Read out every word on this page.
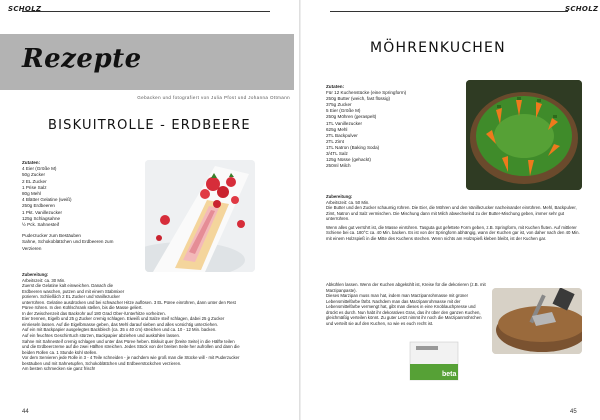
SCHOLZ	SCHOLZ
Rezepte
Gebacken und fotografiert von Julia Pfost und Johanna Ottmann
BISKUITROLLE - ERDBEERE
Zutaten:
4 Eier (Größe M)
50g Zucker
2 EL Zucker
1 Prise Salz
80g Mehl
4 Blätter Gelatine (weiß)
250g Erdbeeren
1 Pkt. Vanillezucker
125g Schlagsahne
½ Pck. Sahnesteif
Puderzucker zum Bestäuben
Sahne, Schokoblättchen und Erdbeeren zum
Verzieren
Zubereitung:
Arbeitszeit: ca. 30 Min.
Zuerst die Gelatine kalt einweichen. Danach die
Erdbeeren waschen, putzen und mit einem Stabmixer
pürieren. Schließlich 2 EL Zucker und Vanillezucker
unterrühren. Gelatine ausdrücken und bei schwacher Hitze auflösen. 3 EL Püree einrühren, dann unter den Rest
Püree rühren. In den Kühlschrank stellen, bis die Masse geliert.
In der Zwischenzeit das Backrohr auf 180 Grad Ober-/Unterhitze vorheizen.
Eier trennen, Eigelb und 25 g Zucker cremig schlagen. Eiweiß und Salze steif schlagen, dabei 25 g Zucker
einrieseln lassen. Auf die Eigelbmasse geben, das Mehl darauf sieben und alles vorsichtig unterziehen.
Auf ein mit Backpapier ausgelegtes Backblech (ca. 35 x 40 cm) streichen und ca. 10 - 12 Min. backen.
Auf ein feuchtes Geschirrtuch stürzen, Backpapier abziehen und auskühlen lassen.
Sahne mit Sahnesteif cremig schlagen und unter das Püree heben. Biskuit quer (breite Seite) in die Hälfte teilen
und die Erdbeercreme auf die zwei Hälften streichen. Jedes Stück von der breiten Seite her aufrollen und dann die
beiden Rollen ca. 1 Stunde kühl stellen.
Vor dem Servieren jede Rolle in 3 - 4 Teile schneiden - je nachdem wie groß man die Stücke will - mit Puderzucker
bestäuben und mit Sahnetupfen, Schokoblättchen und Erdbeerstückchen verzieren.
Am besten schmecken sie ganz frisch!
44
MÖHRENKUCHEN
Zutaten:
Für 12 Kuchenstücke (eine Springform)
250g Butter (weich, fast flüssig)
375g Zucker
5 Eier (Größe M)
250g Möhren (geraspelt)
1TL Vanillezucker
625g Mehl
2TL Backpulver
2TL Zimt
1TL Natron (Baking Soda)
3/4TL Salz
125g Nüsse (gehackt)
250ml Milch
Zubereitung:
Arbeitszeit: ca. 50 Min.

Die Butter und den Zucker schaumig rühren. Die Eier, die Möhren und den Vanillezucker nacheinander einrühren. Mehl, Backpulver, Zimt, Natron und Salz vermischen. Die Mischung dann mit Milch abwechselnd zu der Butter-Mischung geben, immer sehr gut unterrühren.

Wenn alles gut verrührt ist, die Masse einrühren. Tasguta gut gefettete Form geben, z.B. Springform, mit Kuchen fluten. Auf mittlerer Schiene bei ca. 180°C ca. 40 Min. backen. Es ist von der Springform abhängig, wann der Kuchen gar ist, von daher nach den 40 Min. mit einem Holzspieß in die Mitte des Kuchens stechen. Wenn nichts am Holzspieß kleben bleibt, ist der Kuchen gar.

Abkühlen lassen. Wenn der Kuchen abgekühlt ist, Kreise für die dekorieren (z.B. mit Marzipanpaste).

Dieses Marzipan muss man hat, indem man Marzipanrohmasse mit grüner Lebensmittelfarbe färbt. Nachdem man das Marzipanrohmasse mit der Lebensmittelfarbe vermengt hat, gibt man dieses in eine Knoblauchpresse und drückt es durch. Nun habt ihr dekoratives Gras, das ihr über den ganzen Kuchen, gleichmäßig verteilen könnt. Zu guter Letzt nimmt ihr noch die Marzipanmöhrchen und verteilt sie auf den Kuchen, so wie es euch recht ist.

beta
45
